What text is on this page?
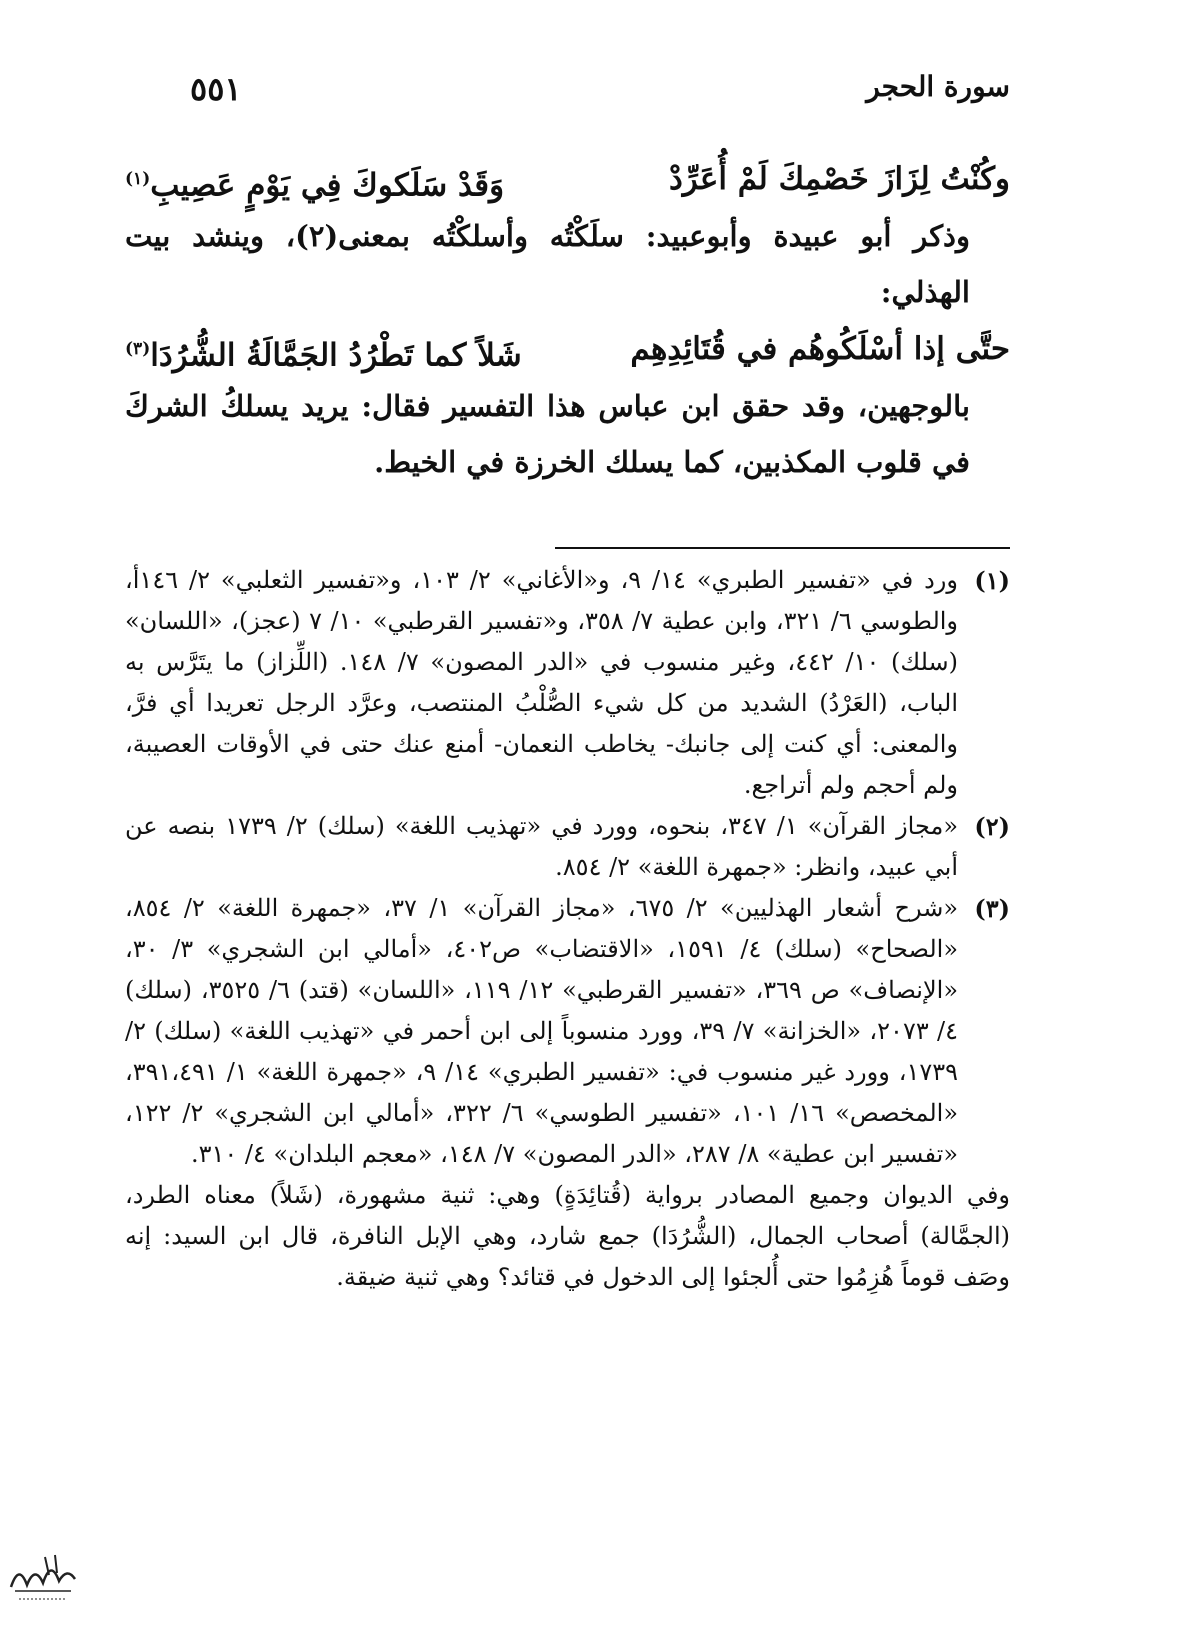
سورة الحجر
٥٥١
وكُنْتُ لِزَازَ خَصْمِكَ لَمْ أُعَرِّدْ
وَقَدْ سَلَكوكَ فِي يَوْمٍ عَصِيبِ$^{(١)}$
وذكر أبو عبيدة وأبوعبيد: سلَكْتُه وأسلكْتُه بمعنى(٢)، وينشد بيت الهذلي:
حتَّى إذا أسْلَكُوهُم في قُتَائِدِهِم
شَلاً كما تَطْرُدُ الجَمَّالَةُ الشُّرُدَا$^{(٣)}$
بالوجهين، وقد حقق ابن عباس هذا التفسير فقال: يريد يسلكُ الشركَ في قلوب المكذبين، كما يسلك الخرزة في الخيط.
(١)
ورد في «تفسير الطبري» ١٤/ ٩، و«الأغاني» ٢/ ١٠٣، و«تفسير الثعلبي» ٢/ ١٤٦أ، والطوسي ٦/ ٣٢١، وابن عطية ٧/ ٣٥٨، و«تفسير القرطبي» ١٠/ ٧ (عجز)، «اللسان» (سلك) ١٠/ ٤٤٢، وغير منسوب في «الدر المصون» ٧/ ١٤٨. (اللِّزاز) ما يتَرَّس به الباب، (العَرْدُ) الشديد من كل شيء الصُّلْبُ المنتصب، وعرَّد الرجل تعريدا أي فرَّ، والمعنى: أي كنت إلى جانبك- يخاطب النعمان- أمنع عنك حتى في الأوقات العصيبة، ولم أحجم ولم أتراجع.
(٢)
«مجاز القرآن» ١/ ٣٤٧، بنحوه، وورد في «تهذيب اللغة» (سلك) ٢/ ١٧٣٩ بنصه عن أبي عبيد، وانظر: «جمهرة اللغة» ٢/ ٨٥٤.
(٣)
«شرح أشعار الهذليين» ٢/ ٦٧٥، «مجاز القرآن» ١/ ٣٧، «جمهرة اللغة» ٢/ ٨٥٤، «الصحاح» (سلك) ٤/ ١٥٩١، «الاقتضاب» ص٤٠٢، «أمالي ابن الشجري» ٣/ ٣٠، «الإنصاف» ص ٣٦٩، «تفسير القرطبي» ١٢/ ١١٩، «اللسان» (قتد) ٦/ ٣٥٢٥، (سلك) ٤/ ٢٠٧٣، «الخزانة» ٧/ ٣٩، وورد منسوباً إلى ابن أحمر في «تهذيب اللغة» (سلك) ٢/ ١٧٣٩، وورد غير منسوب في: «تفسير الطبري» ١٤/ ٩، «جمهرة اللغة» ١/ ٣٩١،٤٩١، «المخصص» ١٦/ ١٠١، «تفسير الطوسي» ٦/ ٣٢٢، «أمالي ابن الشجري» ٢/ ١٢٢، «تفسير ابن عطية» ٨/ ٢٨٧، «الدر المصون» ٧/ ١٤٨، «معجم البلدان» ٤/ ٣١٠.
وفي الديوان وجميع المصادر برواية (قُتائِدَةٍ) وهي: ثنية مشهورة، (شَلاً) معناه الطرد، (الجمَّالة) أصحاب الجمال، (الشُّرُدَا) جمع شارد، وهي الإبل النافرة، قال ابن السيد: إنه وصَف قوماً هُزِمُوا حتى أُلجئوا إلى الدخول في قتائد؟ وهي ثنية ضيقة.
